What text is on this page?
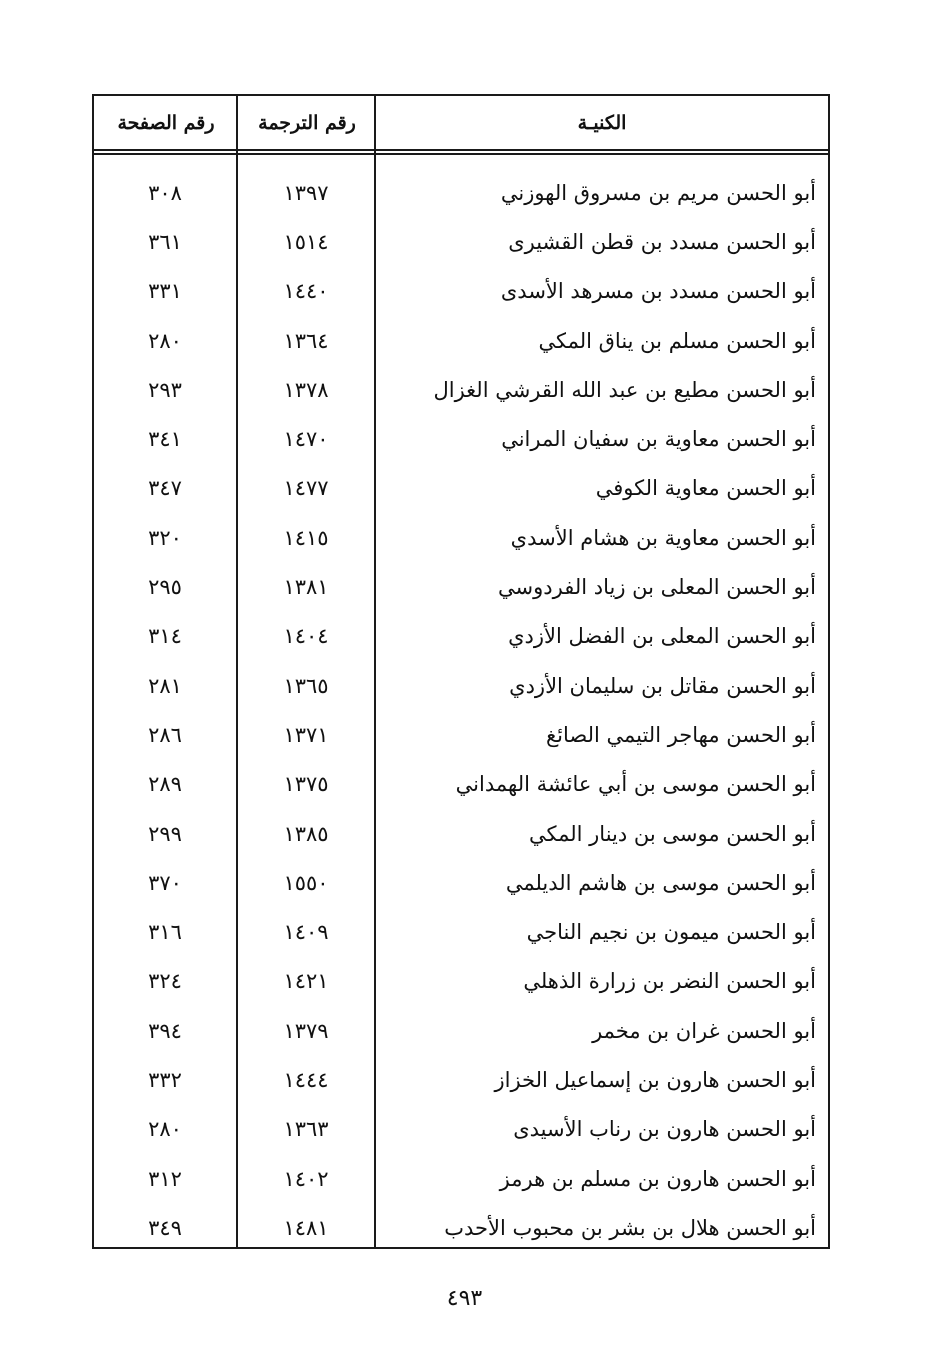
الكنيـة
رقم الترجمة
رقم الصفحة
أبو الحسن مريم بن مسروق الهوزني
١٣٩٧
٣٠٨
أبو الحسن مسدد بن قطن القشيرى
١٥١٤
٣٦١
أبو الحسن مسدد بن مسرهد الأسدى
١٤٤٠
٣٣١
أبو الحسن مسلم بن يناق المكي
١٣٦٤
٢٨٠
أبو الحسن مطيع بن عبد الله القرشي الغزال
١٣٧٨
٢٩٣
أبو الحسن معاوية بن سفيان المراني
١٤٧٠
٣٤١
أبو الحسن معاوية الكوفي
١٤٧٧
٣٤٧
أبو الحسن معاوية بن هشام الأسدي
١٤١٥
٣٢٠
أبو الحسن المعلى بن زياد الفردوسي
١٣٨١
٢٩٥
أبو الحسن المعلى بن الفضل الأزدي
١٤٠٤
٣١٤
أبو الحسن مقاتل بن سليمان الأزدي
١٣٦٥
٢٨١
أبو الحسن مهاجر التيمي الصائغ
١٣٧١
٢٨٦
أبو الحسن موسى بن أبي عائشة الهمداني
١٣٧٥
٢٨٩
أبو الحسن موسى بن دينار المكي
١٣٨٥
٢٩٩
أبو الحسن موسى بن هاشم الديلمي
١٥٥٠
٣٧٠
أبو الحسن ميمون بن نجيم الناجي
١٤٠٩
٣١٦
أبو الحسن النضر بن زرارة الذهلي
١٤٢١
٣٢٤
أبو الحسن غران بن مخمر
١٣٧٩
٣٩٤
أبو الحسن هارون بن إسماعيل الخزاز
١٤٤٤
٣٣٢
أبو الحسن هارون بن رناب الأسيدى
١٣٦٣
٢٨٠
أبو الحسن هارون بن مسلم بن هرمز
١٤٠٢
٣١٢
أبو الحسن هلال بن بشر بن محبوب الأحدب
١٤٨١
٣٤٩
٤٩٣
